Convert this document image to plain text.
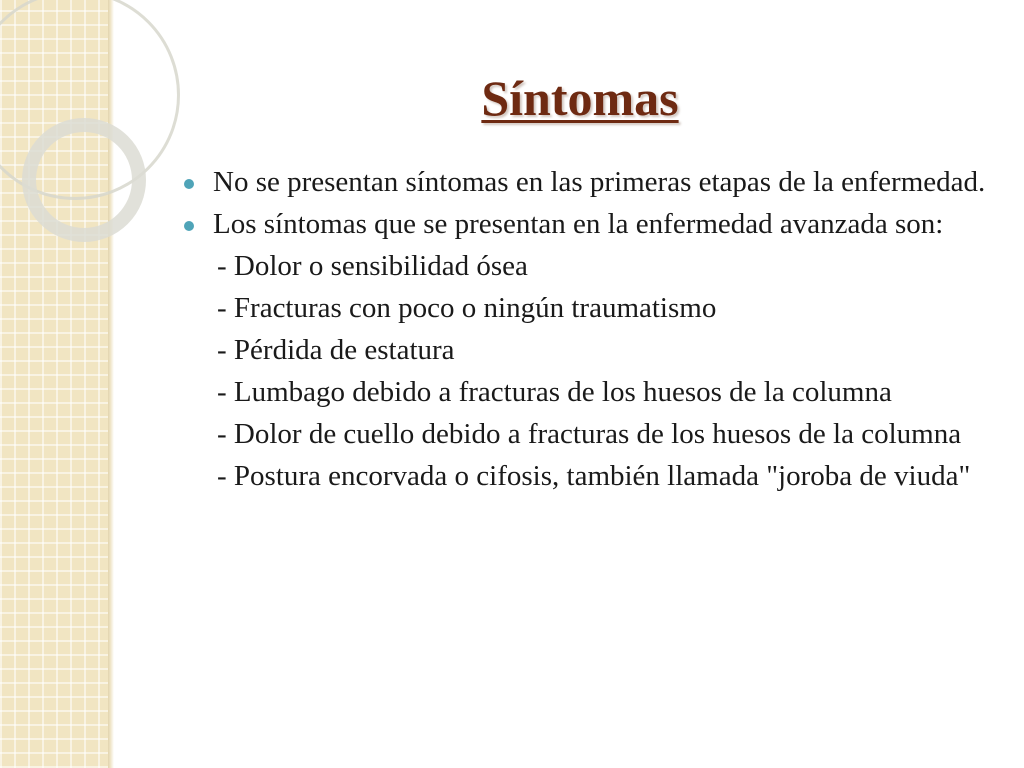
Síntomas
No se presentan síntomas en las primeras etapas de la enfermedad.
Los síntomas que se presentan en la enfermedad avanzada son:
- Dolor o sensibilidad ósea
- Fracturas con poco o ningún traumatismo
- Pérdida de estatura
- Lumbago debido a fracturas de los huesos de la columna
- Dolor de cuello debido a fracturas de los huesos de la columna
- Postura encorvada o cifosis, también llamada "joroba de viuda"
